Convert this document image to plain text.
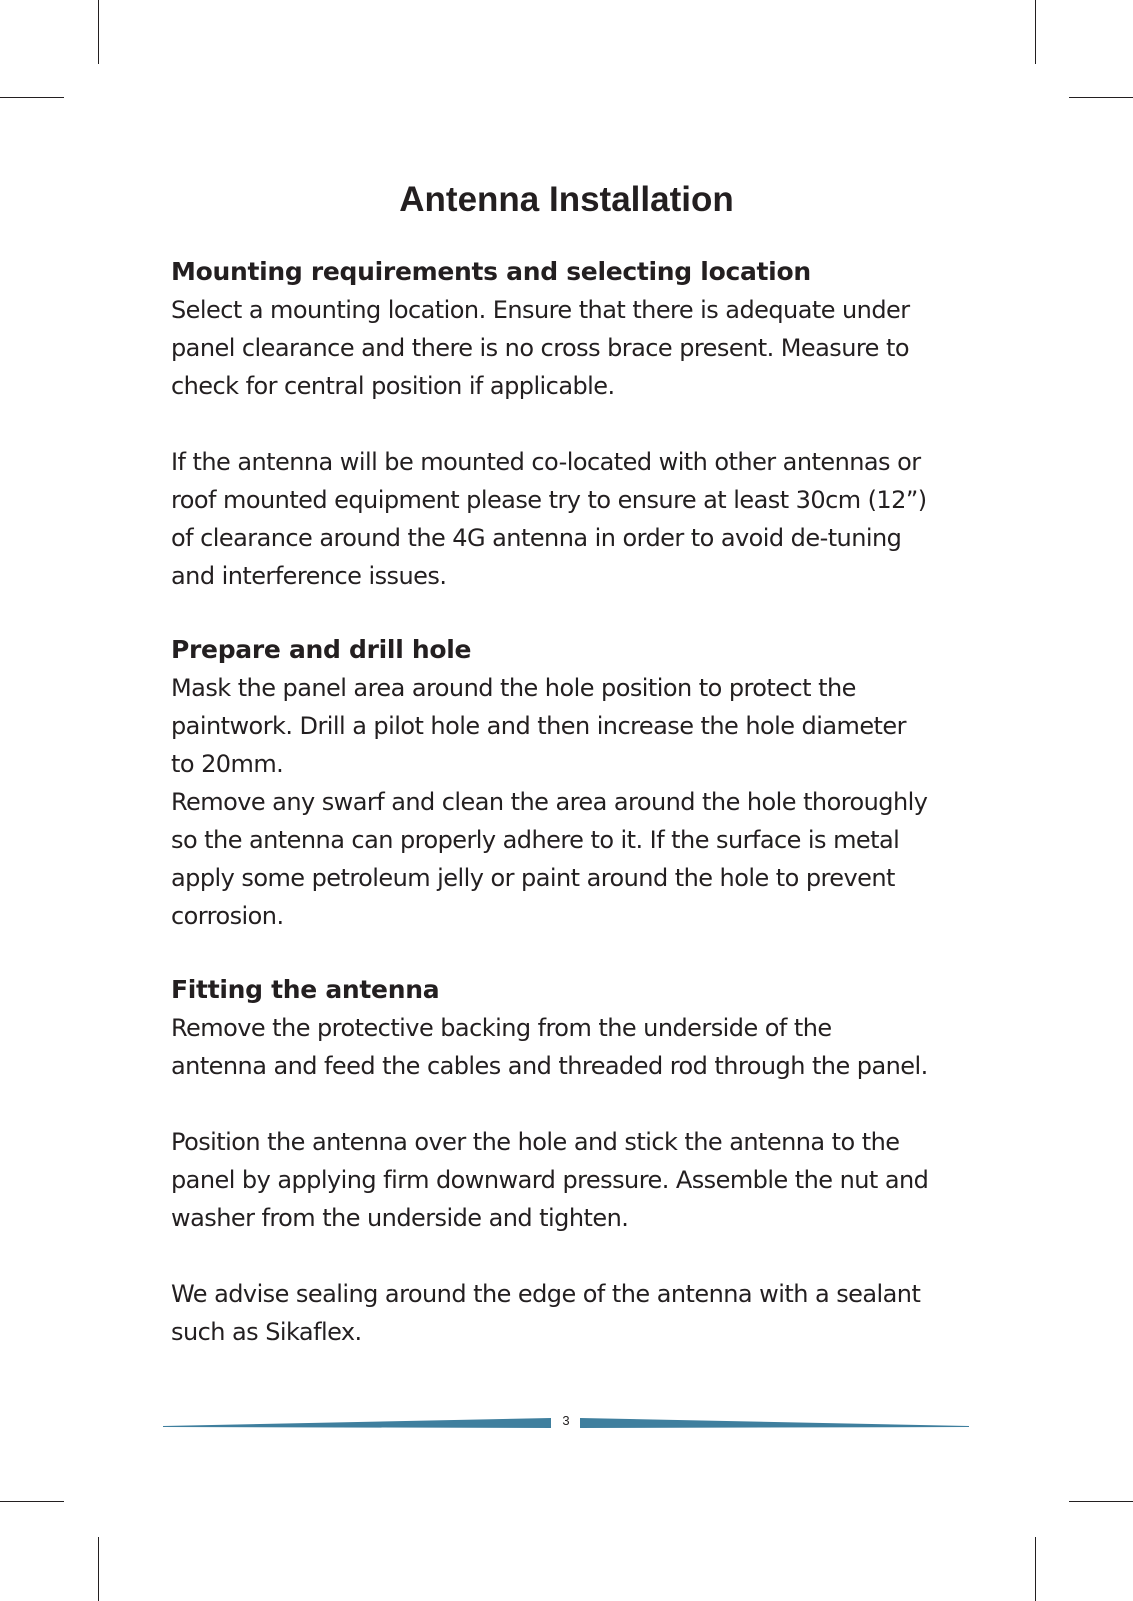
Antenna Installation
Mounting requirements and selecting location

Select a mounting location. Ensure that there is adequate under
panel clearance and there is no cross brace present. Measure to
check for central position if applicable.

If the antenna will be mounted co-located with other antennas or
roof mounted equipment please try to ensure at least 30cm (12”)
of clearance around the 4G antenna in order to avoid de-tuning
and interference issues.

Prepare and drill hole

Mask the panel area around the hole position to protect the
paintwork. Drill a pilot hole and then increase the hole diameter
to 20mm.

Remove any swarf and clean the area around the hole thoroughly
so the antenna can properly adhere to it. If the surface is metal
apply some petroleum jelly or paint around the hole to prevent
corrosion.

Fitting the antenna

Remove the protective backing from the underside of the
antenna and feed the cables and threaded rod through the panel.

Position the antenna over the hole and stick the antenna to the
panel by applying firm downward pressure. Assemble the nut and
washer from the underside and tighten.

We advise sealing around the edge of the antenna with a sealant
such as Sikaflex.

3
